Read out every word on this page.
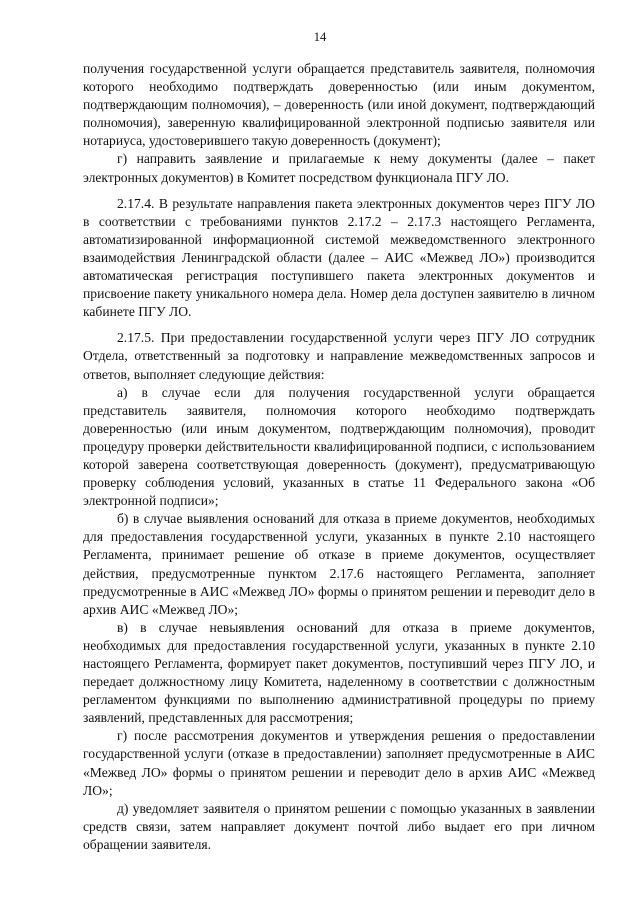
14

получения государственной услуги обращается представитель заявителя, полномочия которого необходимо подтверждать доверенностью (или иным документом, подтверждающим полномочия), – доверенность (или иной документ, подтверждающий полномочия), заверенную квалифицированной электронной подписью заявителя или нотариуса, удостоверившего такую доверенность (документ);

г) направить заявление и прилагаемые к нему документы (далее – пакет электронных документов) в Комитет посредством функционала ПГУ ЛО.

2.17.4. В результате направления пакета электронных документов через ПГУ ЛО в соответствии с требованиями пунктов 2.17.2 – 2.17.3 настоящего Регламента, автоматизированной информационной системой межведомственного электронного взаимодействия Ленинградской области (далее – АИС «Межвед ЛО») производится автоматическая регистрация поступившего пакета электронных документов и присвоение пакету уникального номера дела. Номер дела доступен заявителю в личном кабинете ПГУ ЛО.

2.17.5. При предоставлении государственной услуги через ПГУ ЛО сотрудник Отдела, ответственный за подготовку и направление межведомственных запросов и ответов, выполняет следующие действия:

а) в случае если для получения государственной услуги обращается представитель заявителя, полномочия которого необходимо подтверждать доверенностью (или иным документом, подтверждающим полномочия), проводит процедуру проверки действительности квалифицированной подписи, с использованием которой заверена соответствующая доверенность (документ), предусматривающую проверку соблюдения условий, указанных в статье 11 Федерального закона «Об электронной подписи»;

б) в случае выявления оснований для отказа в приеме документов, необходимых для предоставления государственной услуги, указанных в пункте 2.10 настоящего Регламента, принимает решение об отказе в приеме документов, осуществляет действия, предусмотренные пунктом 2.17.6 настоящего Регламента, заполняет предусмотренные в АИС «Межвед ЛО» формы о принятом решении и переводит дело в архив АИС «Межвед ЛО»;

в) в случае невыявления оснований для отказа в приеме документов, необходимых для предоставления государственной услуги, указанных в пункте 2.10 настоящего Регламента, формирует пакет документов, поступивший через ПГУ ЛО, и передает должностному лицу Комитета, наделенному в соответствии с должностным регламентом функциями по выполнению административной процедуры по приему заявлений, представленных для рассмотрения;

г) после рассмотрения документов и утверждения решения о предоставлении государственной услуги (отказе в предоставлении) заполняет предусмотренные в АИС «Межвед ЛО» формы о принятом решении и переводит дело в архив АИС «Межвед ЛО»;

д) уведомляет заявителя о принятом решении с помощью указанных в заявлении средств связи, затем направляет документ почтой либо выдает его при личном обращении заявителя.
